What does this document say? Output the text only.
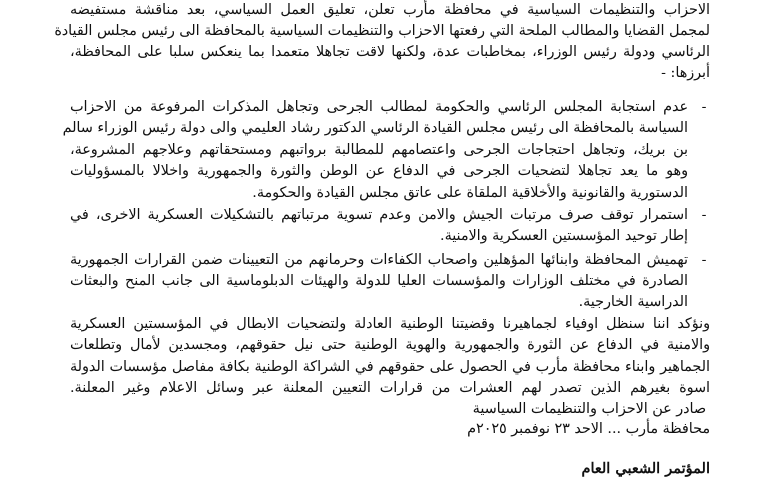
الاحزاب والتنظيمات السياسية في محافظة مأرب تعلن، تعليق العمل السياسي، بعد مناقشة مستفيضه

لمجمل القضايا والمطالب الملحة التي رفعتها الاحزاب والتنظيمات السياسية بالمحافظة الى رئيس مجلس القيادة

الرئاسي ودولة رئيس الوزراء، بمخاطبات عدة، ولكنها لاقت تجاهلا متعمدا بما ينعكس سلبا على المحافظة،

أبرزها: -

-

عدم استجابة المجلس الرئاسي والحكومة لمطالب الجرحى وتجاهل المذكرات المرفوعة من الاحزاب

السياسة بالمحافظة الى رئيس مجلس القيادة الرئاسي الدكتور رشاد العليمي والى دولة رئيس الوزراء سالم

بن بريك، وتجاهل احتجاجات الجرحى واعتصامهم للمطالبة برواتبهم ومستحقاتهم وعلاجهم المشروعة،

وهو ما يعد تجاهلا لتضحيات الجرحى في الدفاع عن الوطن والثورة والجمهورية واخلالا بالمسؤوليات

الدستورية والقانونية والأخلاقية الملقاة على عاتق مجلس القيادة والحكومة.

-

استمرار توقف صرف مرتبات الجيش والامن وعدم تسوية مرتباتهم بالتشكيلات العسكرية الاخرى، في

إطار توحيد المؤسستين العسكرية والامنية.

-

تهميش المحافظة وابنائها المؤهلين واصحاب الكفاءات وحرمانهم من التعيينات ضمن القرارات الجمهورية

الصادرة في مختلف الوزارات والمؤسسات العليا للدولة والهيئات الدبلوماسية الى جانب المنح والبعثات

الدراسية الخارجية.

ونؤكد اننا سنظل اوفياء لجماهيرنا وقضيتنا الوطنية العادلة ولتضحيات الابطال في المؤسستين العسكرية

والامنية في الدفاع عن الثورة والجمهورية والهوية الوطنية حتى نيل حقوقهم، ومجسدين لأمال وتطلعات

الجماهير وابناء محافظة مأرب في الحصول على حقوقهم في الشراكة الوطنية بكافة مفاصل مؤسسات الدولة

اسوة بغيرهم الذين تصدر لهم العشرات من قرارات التعيين المعلنة عبر وسائل الاعلام وغير المعلنة.

صادر عن الاحزاب والتنظيمات السياسية
محافظة مأرب ... الاحد ٢٣ نوفمبر ٢٠٢٥م
المؤتمر الشعبي العام
